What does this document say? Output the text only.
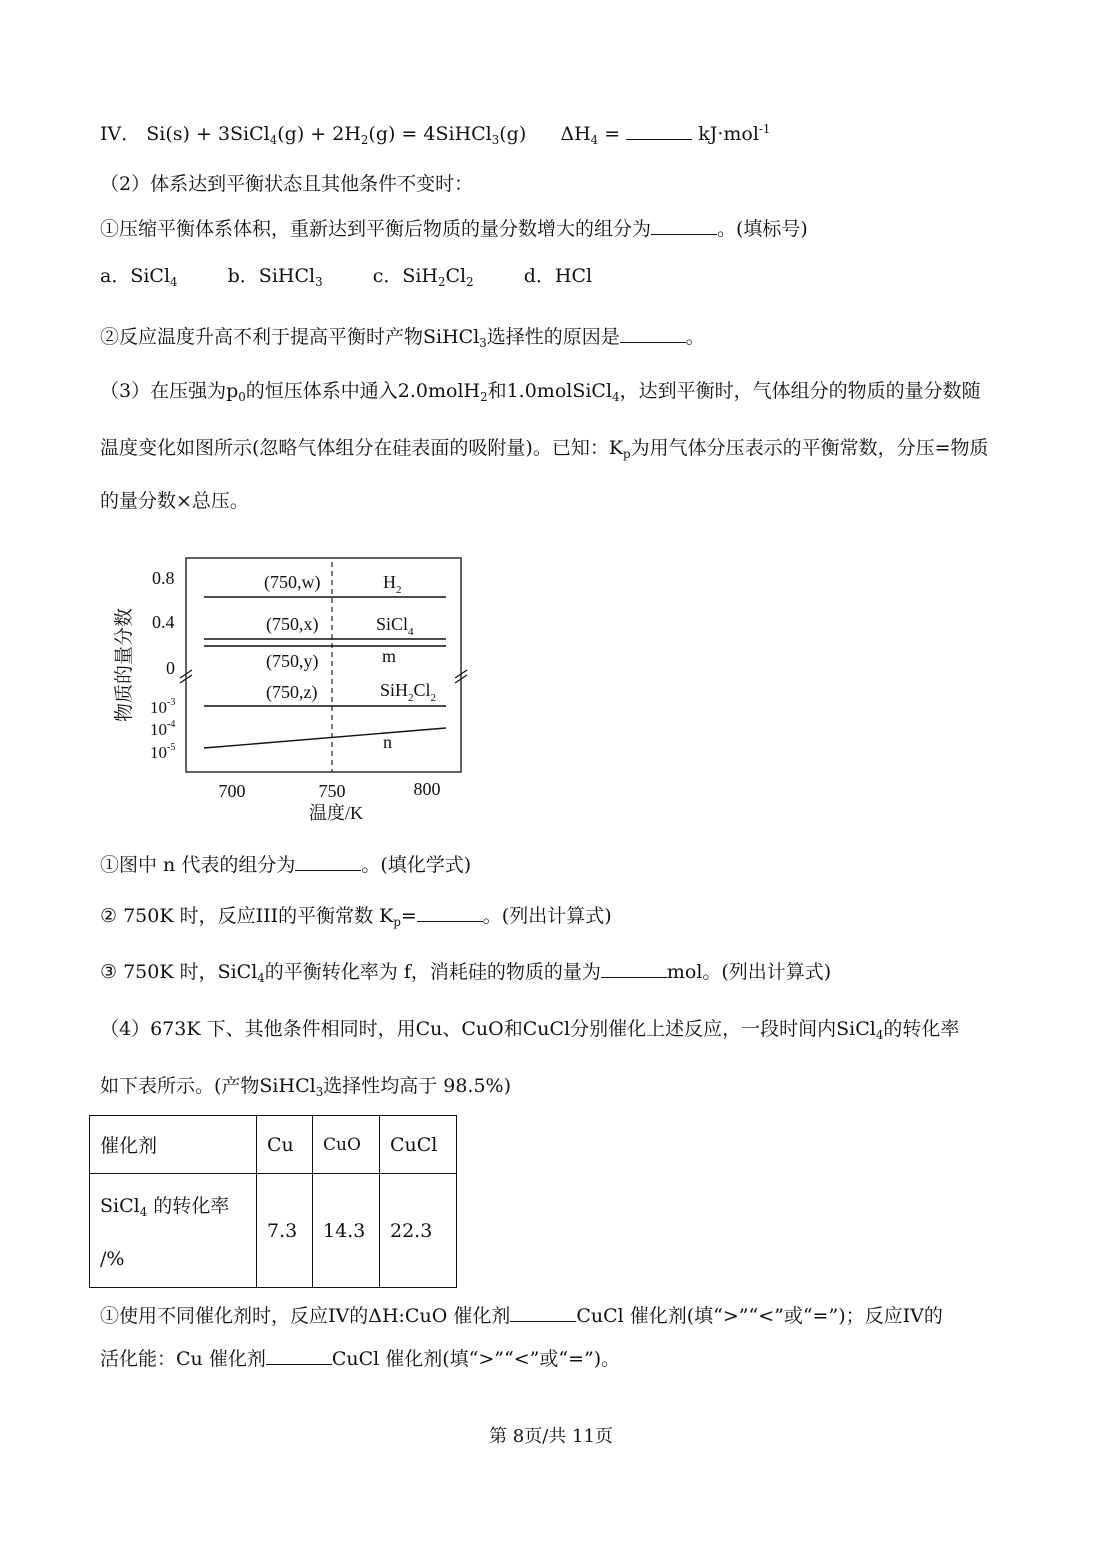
IV． Si(s) + 3SiCl$_4$(g) + $2H_2(g)$ = 4SiHCl$_3$(g) $\Delta H_4$ =	kJ·mol$^{-1}$
（2）体系达到平衡状态且其他条件不变时：
①压缩平衡体系体积，重新达到平衡后物质的量分数增大的组分为	。(填标号)
a．SiCl$_4$	b．SiHCl$_3$	c．$SiH_2Cl_2$	d．HCl
②反应温度升高不利于提高平衡时产物SiHCl$_3$选择性的原因是	。
（3）在压强为$p_0$的恒压体系中通入2.0molH$_2$和1.0molSiCl$_4$，达到平衡时，气体组分的物质的量分数随
温度变化如图所示(忽略气体组分在硅表面的吸附量)。已知：$K_p$为用气体分压表示的平衡常数，分压=物质
的量分数×总压。
0.8
0.4
0
$10^{-3}$
$10^{-4}$
$10^{-5}$
物质的量分数
700	750	800
温度/K
(750,w)
(750,x)
(750,y)
(750,z)
$H_2$
SiCl$_4$
m
$SiH_2Cl_2$
n
①图中 n 代表的组分为	。(填化学式)
② 750K 时，反应III的平衡常数 $K_p=$	。(列出计算式)
③ 750K 时，SiCl$_4$的平衡转化率为 f，消耗硅的物质的量为	mol。(列出计算式)
（4）673K 下、其他条件相同时，用Cu、CuO和CuCl分别催化上述反应，一段时间内SiCl$_4$的转化率
如下表所示。(产物SiHCl$_3$选择性均高于 98.5%)
催化剂	Cu	CuO	CuCl

SiCl$_4$ 的转化率
/%	7.3	14.3	22.3
①使用不同催化剂时，反应IV的ΔH:CuO 催化剂	CuCl 催化剂(填“>”“<”或“=”)；反应IV的
活化能：Cu 催化剂	CuCl 催化剂(填“>”“<”或“=”)。
第 8页/共 11页
